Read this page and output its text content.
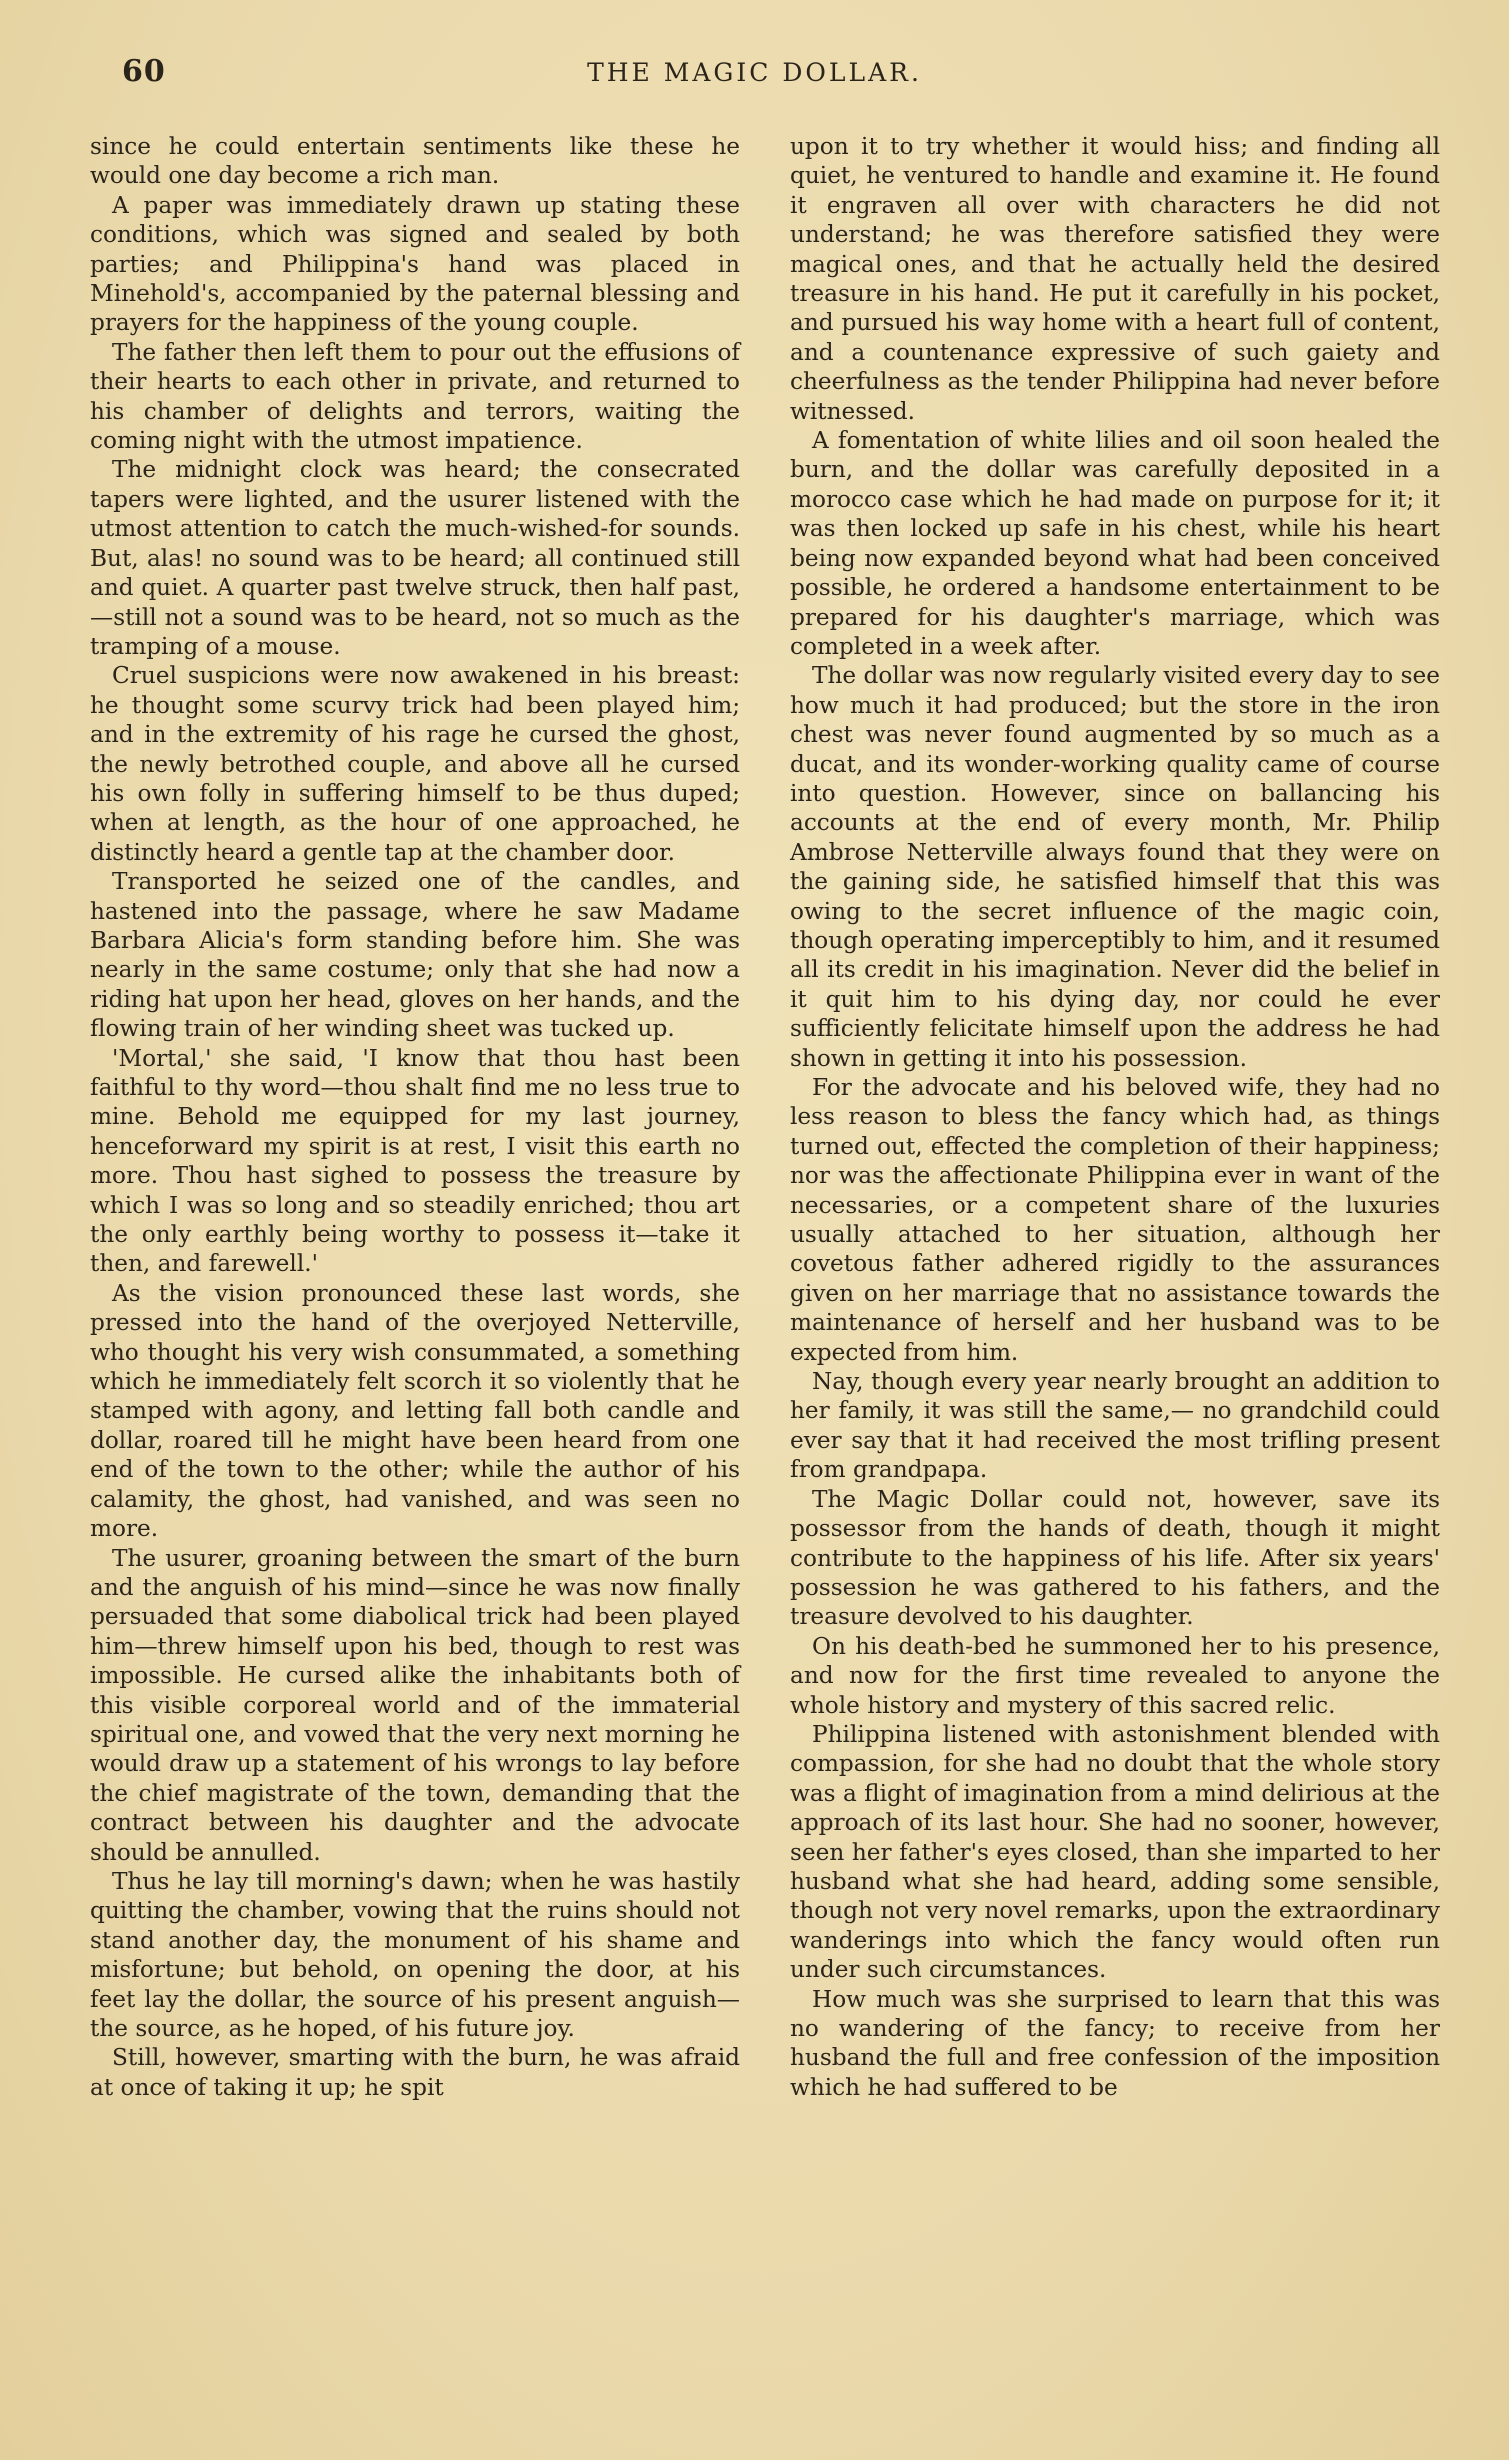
60	THE MAGIC DOLLAR.

since he could entertain sentiments like these he would one day become a rich man.

A paper was immediately drawn up stating these conditions, which was signed and sealed by both parties; and Philippina's hand was placed in Minehold's, accompanied by the paternal blessing and prayers for the happiness of the young couple.

The father then left them to pour out the effusions of their hearts to each other in private, and returned to his chamber of delights and terrors, waiting the coming night with the utmost impatience.

The midnight clock was heard; the consecrated tapers were lighted, and the usurer listened with the utmost attention to catch the much-wished-for sounds. But, alas! no sound was to be heard; all continued still and quiet. A quarter past twelve struck, then half past, —still not a sound was to be heard, not so much as the tramping of a mouse.

Cruel suspicions were now awakened in his breast: he thought some scurvy trick had been played him; and in the extremity of his rage he cursed the ghost, the newly betrothed couple, and above all he cursed his own folly in suffering himself to be thus duped; when at length, as the hour of one approached, he distinctly heard a gentle tap at the chamber door.

Transported he seized one of the candles, and hastened into the passage, where he saw Madame Barbara Alicia's form standing before him. She was nearly in the same costume; only that she had now a riding hat upon her head, gloves on her hands, and the flowing train of her winding sheet was tucked up.

'Mortal,' she said, 'I know that thou hast been faithful to thy word—thou shalt find me no less true to mine. Behold me equipped for my last journey, henceforward my spirit is at rest, I visit this earth no more. Thou hast sighed to possess the treasure by which I was so long and so steadily enriched; thou art the only earthly being worthy to possess it—take it then, and farewell.'

As the vision pronounced these last words, she pressed into the hand of the overjoyed Netterville, who thought his very wish consummated, a something which he immediately felt scorch it so violently that he stamped with agony, and letting fall both candle and dollar, roared till he might have been heard from one end of the town to the other; while the author of his calamity, the ghost, had vanished, and was seen no more.

The usurer, groaning between the smart of the burn and the anguish of his mind—since he was now finally persuaded that some diabolical trick had been played him—threw himself upon his bed, though to rest was impossible. He cursed alike the inhabitants both of this visible corporeal world and of the immaterial spiritual one, and vowed that the very next morning he would draw up a statement of his wrongs to lay before the chief magistrate of the town, demanding that the contract between his daughter and the advocate should be annulled.

Thus he lay till morning's dawn; when he was hastily quitting the chamber, vowing that the ruins should not stand another day, the monument of his shame and misfortune; but behold, on opening the door, at his feet lay the dollar, the source of his present anguish—the source, as he hoped, of his future joy.

Still, however, smarting with the burn, he was afraid at once of taking it up; he spit

upon it to try whether it would hiss; and finding all quiet, he ventured to handle and examine it. He found it engraven all over with characters he did not understand; he was therefore satisfied they were magical ones, and that he actually held the desired treasure in his hand. He put it carefully in his pocket, and pursued his way home with a heart full of content, and a countenance expressive of such gaiety and cheerfulness as the tender Philippina had never before witnessed.

A fomentation of white lilies and oil soon healed the burn, and the dollar was carefully deposited in a morocco case which he had made on purpose for it; it was then locked up safe in his chest, while his heart being now expanded beyond what had been conceived possible, he ordered a handsome entertainment to be prepared for his daughter's marriage, which was completed in a week after.

The dollar was now regularly visited every day to see how much it had produced; but the store in the iron chest was never found augmented by so much as a ducat, and its wonder-working quality came of course into question. However, since on ballancing his accounts at the end of every month, Mr. Philip Ambrose Netterville always found that they were on the gaining side, he satisfied himself that this was owing to the secret influence of the magic coin, though operating imperceptibly to him, and it resumed all its credit in his imagination. Never did the belief in it quit him to his dying day, nor could he ever sufficiently felicitate himself upon the address he had shown in getting it into his possession.

For the advocate and his beloved wife, they had no less reason to bless the fancy which had, as things turned out, effected the completion of their happiness; nor was the affectionate Philippina ever in want of the necessaries, or a competent share of the luxuries usually attached to her situation, although her covetous father adhered rigidly to the assurances given on her marriage that no assistance towards the maintenance of herself and her husband was to be expected from him.

Nay, though every year nearly brought an addition to her family, it was still the same,— no grandchild could ever say that it had received the most trifling present from grandpapa.

The Magic Dollar could not, however, save its possessor from the hands of death, though it might contribute to the happiness of his life. After six years' possession he was gathered to his fathers, and the treasure devolved to his daughter.

On his death-bed he summoned her to his presence, and now for the first time revealed to anyone the whole history and mystery of this sacred relic.

Philippina listened with astonishment blended with compassion, for she had no doubt that the whole story was a flight of imagination from a mind delirious at the approach of its last hour. She had no sooner, however, seen her father's eyes closed, than she imparted to her husband what she had heard, adding some sensible, though not very novel remarks, upon the extraordinary wanderings into which the fancy would often run under such circumstances.

How much was she surprised to learn that this was no wandering of the fancy; to receive from her husband the full and free confession of the imposition which he had suffered to be
